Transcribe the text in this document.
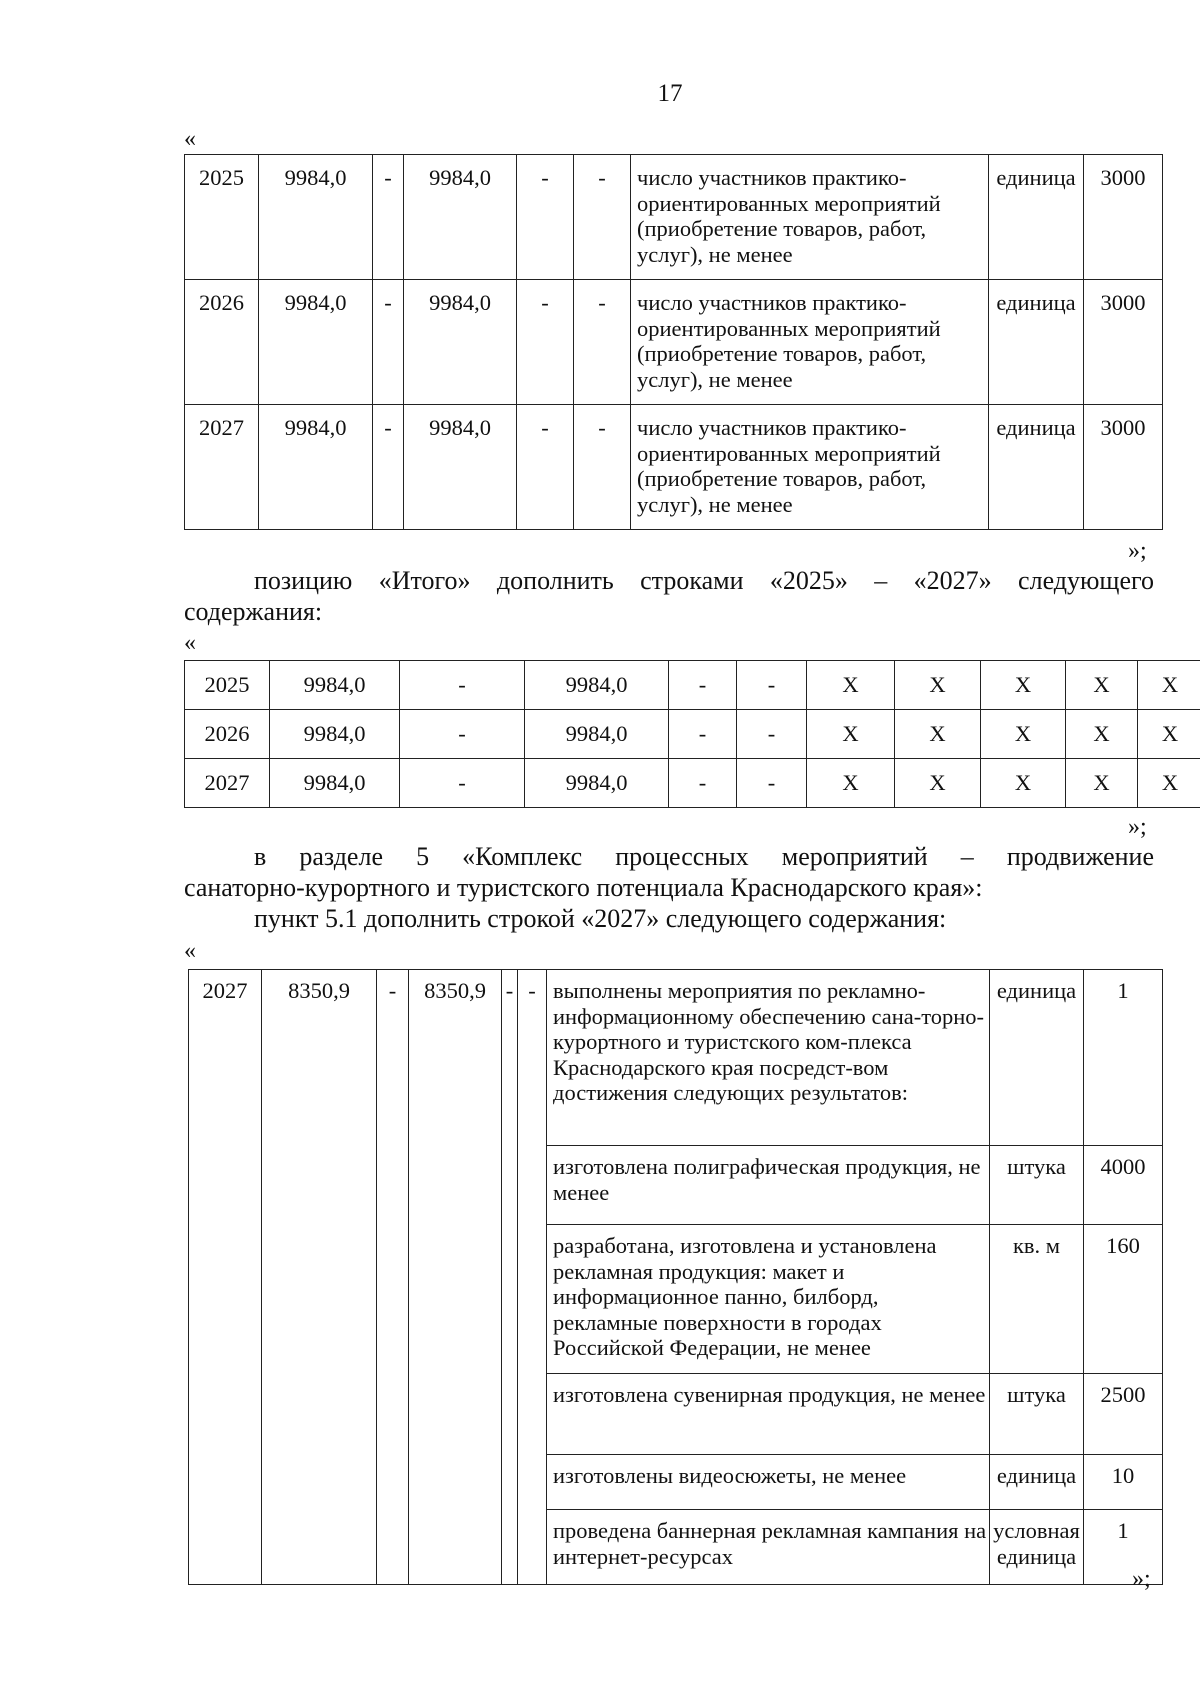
17
«
2025	9984,0	-	9984,0	-	-	число участников практико-ориентированных мероприятий (приобретение товаров, работ, услуг), не менее	единица	3000
2026	9984,0	-	9984,0	-	-	число участников практико-ориентированных мероприятий (приобретение товаров, работ, услуг), не менее	единица	3000
2027	9984,0	-	9984,0	-	-	число участников практико-ориентированных мероприятий (приобретение товаров, работ, услуг), не менее	единица	3000
»;
позицию «Итого» дополнить строками «2025» – «2027» следующего
содержания:
«
2025	9984,0	-	9984,0	-	-	X	X	X	X	X
2026	9984,0	-	9984,0	-	-	X	X	X	X	X
2027	9984,0	-	9984,0	-	-	X	X	X	X	X
»;
в разделе 5 «Комплекс процессных мероприятий – продвижение
санаторно-курортного и туристского потенциала Краснодарского края»:
пункт 5.1 дополнить строкой «2027» следующего содержания:
«
2027	8350,9	-	8350,9	-	-	выполнены мероприятия по рекламно-информационному обеспечению сана-торно-курортного и туристского ком-плекса Краснодарского края посредст-вом достижения следующих результатов:	единица	1
						изготовлена полиграфическая продукция, не менее	штука	4000
						разработана, изготовлена и установлена рекламная продукция: макет и информационное панно, билборд, рекламные поверхности в городах Российской Федерации, не менее	кв. м	160
						изготовлена сувенирная продукция, не менее	штука	2500
						изготовлены видеосюжеты, не менее	единица	10
						проведена баннерная рекламная кампания на интернет-ресурсах	условная единица	1
»;
